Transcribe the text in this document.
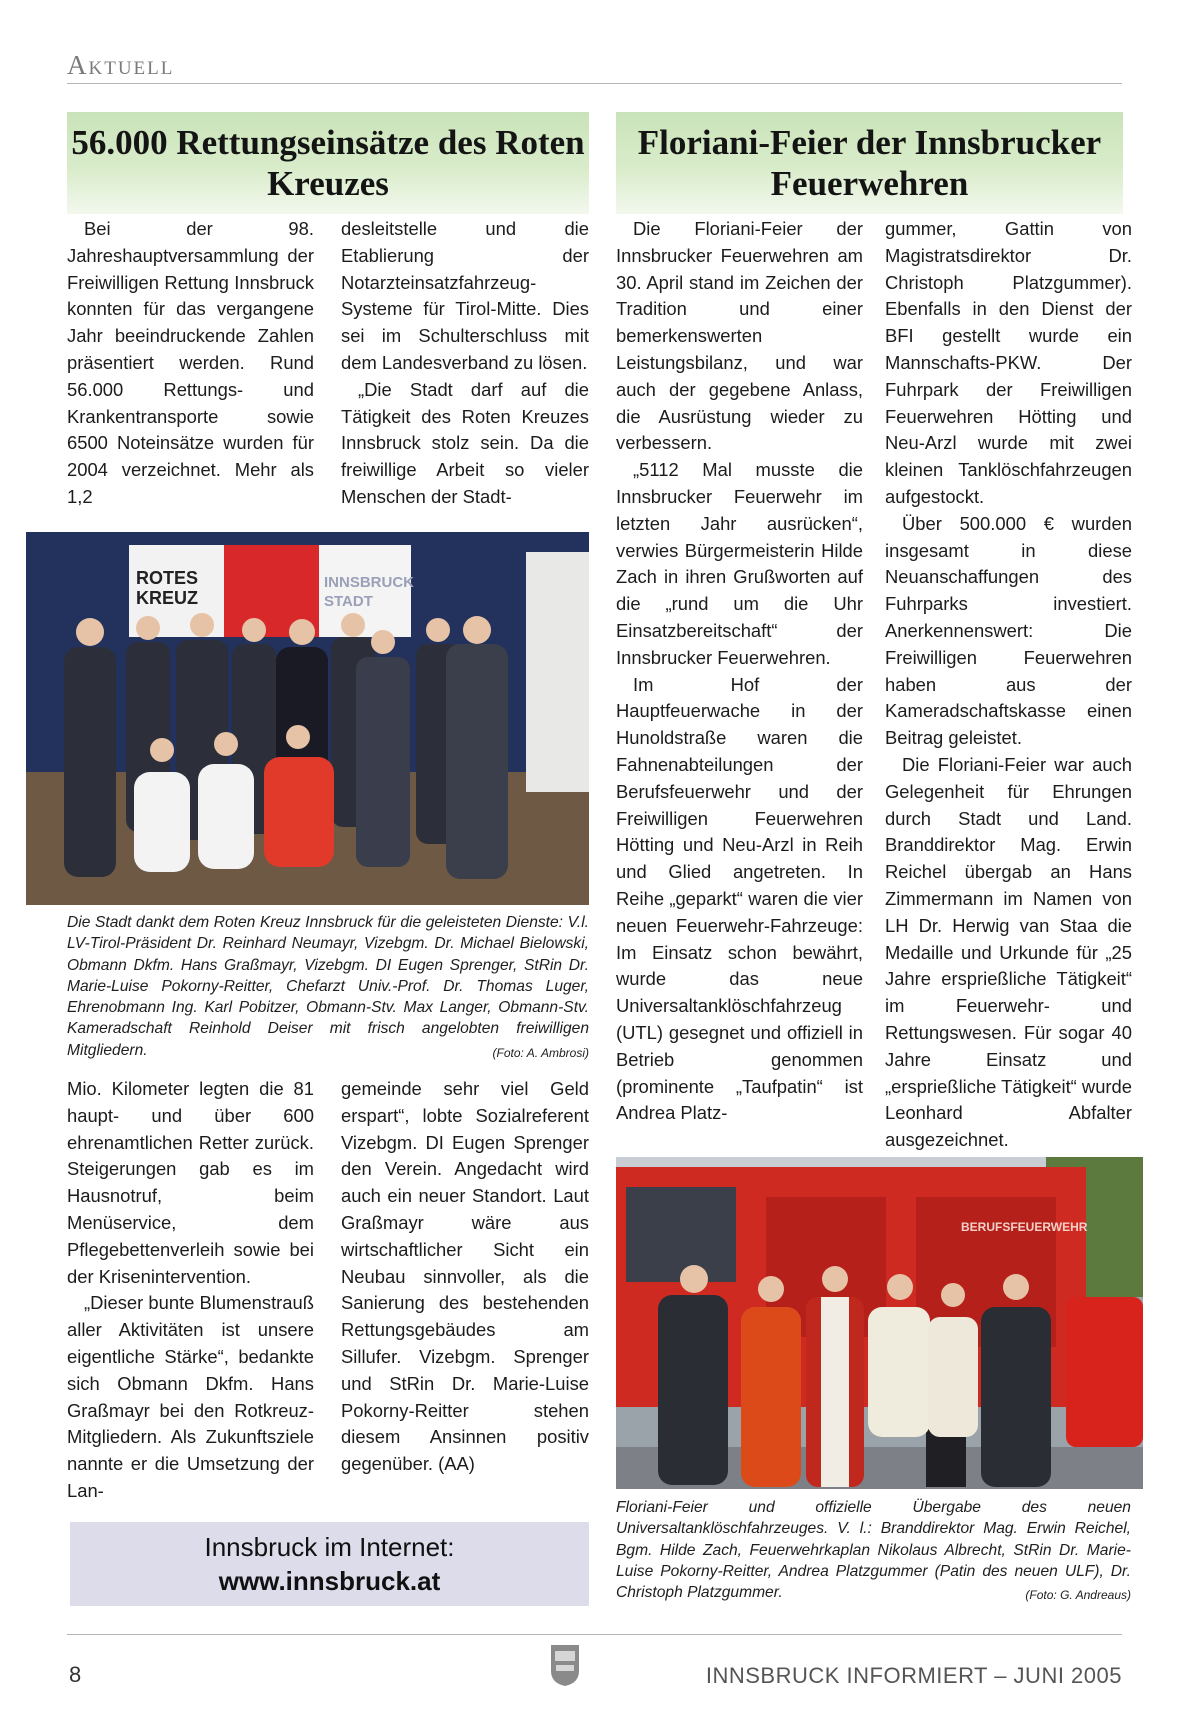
Aktuell
56.000 Rettungseinsätze des Roten Kreuzes

Bei der 98. Jahreshauptversammlung der Freiwilligen Rettung Innsbruck konnten für das vergangene Jahr beeindruckende Zahlen präsentiert werden. Rund 56.000 Rettungs- und Krankentransporte sowie 6500 Noteinsätze wurden für 2004 verzeichnet. Mehr als 1,2

desleitstelle und die Etablierung der Notarzteinsatzfahrzeug-Systeme für Tirol-Mitte. Dies sei im Schulterschluss mit dem Landesverband zu lösen.

„Die Stadt darf auf die Tätigkeit des Roten Kreuzes Innsbruck stolz sein. Da die freiwillige Arbeit so vieler Menschen der Stadt-

ROTES
KREUZ
INNSBRUCK
STADT
Die Stadt dankt dem Roten Kreuz Innsbruck für die geleisteten Dienste: V.l. LV-Tirol-Präsident Dr. Reinhard Neumayr, Vizebgm. Dr. Michael Bielowski, Obmann Dkfm. Hans Graßmayr, Vizebgm. DI Eugen Sprenger, StRin Dr. Marie-Luise Pokorny-Reitter, Chefarzt Univ.-Prof. Dr. Thomas Luger, Ehrenobmann Ing. Karl Pobitzer, Obmann-Stv. Max Langer, Obmann-Stv. Kameradschaft Reinhold Deiser mit frisch angelobten freiwilligen Mitgliedern.	(Foto: A. Ambrosi)

Mio. Kilometer legten die 81 haupt- und über 600 ehrenamtlichen Retter zurück. Steigerungen gab es im Hausnotruf, beim Menüservice, dem Pflegebettenverleih sowie bei der Krisenintervention.

„Dieser bunte Blumenstrauß aller Aktivitäten ist unsere eigentliche Stärke“, bedankte sich Obmann Dkfm. Hans Graßmayr bei den Rotkreuz-Mitgliedern. Als Zukunftsziele nannte er die Umsetzung der Lan-

gemeinde sehr viel Geld erspart“, lobte Sozialreferent Vizebgm. DI Eugen Sprenger den Verein. Angedacht wird auch ein neuer Standort. Laut Graßmayr wäre aus wirtschaftlicher Sicht ein Neubau sinnvoller, als die Sanierung des bestehenden Rettungsgebäudes am Sillufer. Vizebgm. Sprenger und StRin Dr. Marie-Luise Pokorny-Reitter stehen diesem Ansinnen positiv gegenüber. (AA)

Innsbruck im Internet:
www.innsbruck.at
Floriani-Feier der Innsbrucker Feuerwehren

Die Floriani-Feier der Innsbrucker Feuerwehren am 30. April stand im Zeichen der Tradition und einer bemerkenswerten Leistungsbilanz, und war auch der gegebene Anlass, die Ausrüstung wieder zu verbessern.

„5112 Mal musste die Innsbrucker Feuerwehr im letzten Jahr ausrücken“, verwies Bürgermeisterin Hilde Zach in ihren Grußworten auf die „rund um die Uhr Einsatzbereitschaft“ der Innsbrucker Feuerwehren.

Im Hof der Hauptfeuerwache in der Hunoldstraße waren die Fahnenabteilungen der Berufsfeuerwehr und der Freiwilligen Feuerwehren Hötting und Neu-Arzl in Reih und Glied angetreten. In Reihe „geparkt“ waren die vier neuen Feuerwehr-Fahrzeuge: Im Einsatz schon bewährt, wurde das neue Universaltanklöschfahrzeug (UTL) gesegnet und offiziell in Betrieb genommen (prominente „Taufpatin“ ist Andrea Platz-

gummer, Gattin von Magistratsdirektor Dr. Christoph Platzgummer). Ebenfalls in den Dienst der BFI gestellt wurde ein Mannschafts-PKW. Der Fuhrpark der Freiwilligen Feuerwehren Hötting und Neu-Arzl wurde mit zwei kleinen Tanklöschfahrzeugen aufgestockt.

Über 500.000 € wurden insgesamt in diese Neuanschaffungen des Fuhrparks investiert. Anerkennenswert: Die Freiwilligen Feuerwehren haben aus der Kameradschaftskasse einen Beitrag geleistet.

Die Floriani-Feier war auch Gelegenheit für Ehrungen durch Stadt und Land. Branddirektor Mag. Erwin Reichel übergab an Hans Zimmermann im Namen von LH Dr. Herwig van Staa die Medaille und Urkunde für „25 Jahre ersprießliche Tätigkeit“ im Feuerwehr- und Rettungswesen. Für sogar 40 Jahre Einsatz und „ersprießliche Tätigkeit“ wurde Leonhard Abfalter ausgezeichnet.

BERUFSFEUERWEHR
Floriani-Feier und offizielle Übergabe des neuen Universaltanklöschfahrzeuges. V. l.: Branddirektor Mag. Erwin Reichel, Bgm. Hilde Zach, Feuerwehrkaplan Nikolaus Albrecht, StRin Dr. Marie-Luise Pokorny-Reitter, Andrea Platzgummer (Patin des neuen ULF), Dr. Christoph Platzgummer.	(Foto: G. Andreaus)
8	INNSBRUCK INFORMIERT – JUNI 2005
